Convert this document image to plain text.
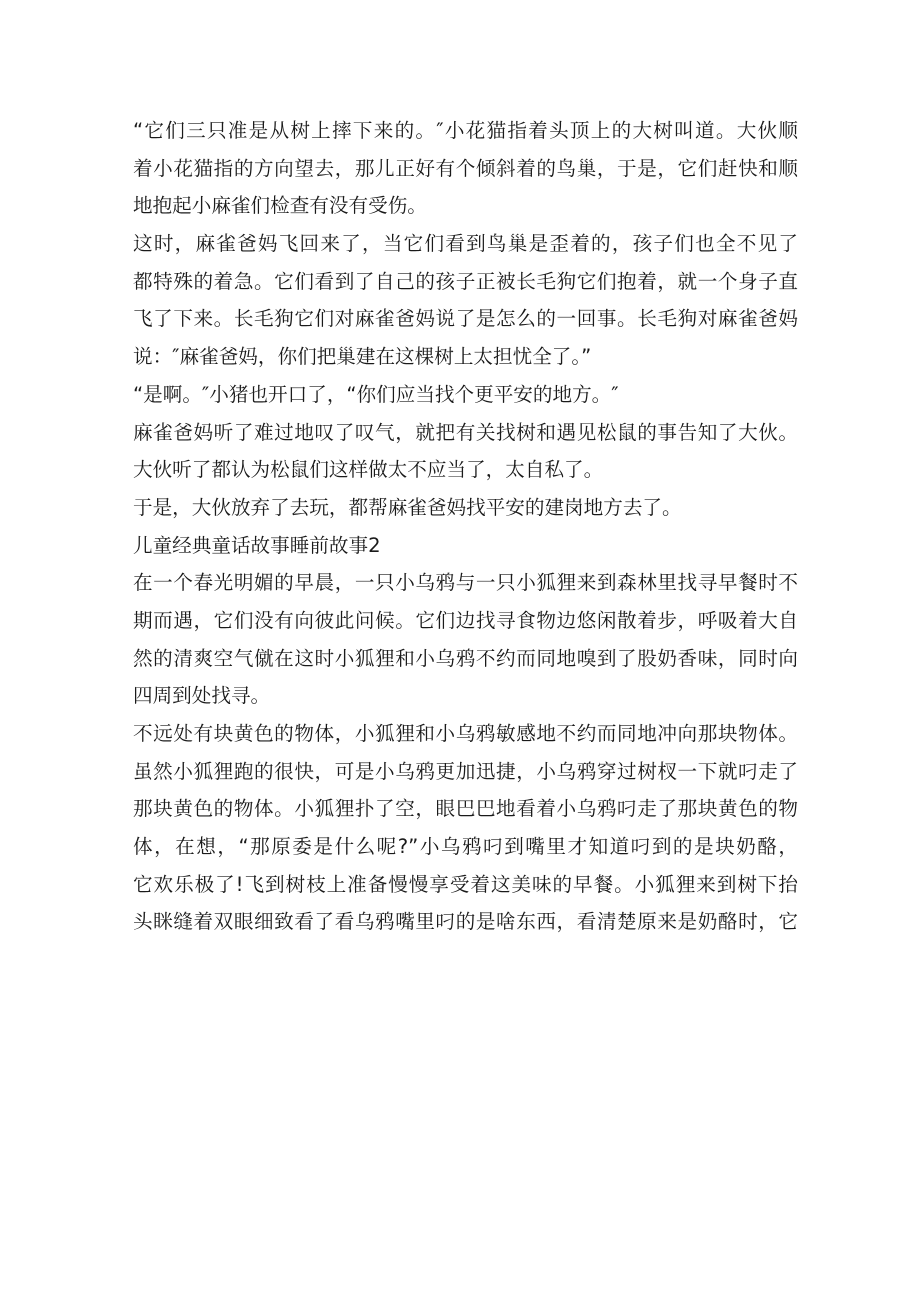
“它们三只准是从树上摔下来的。″小花猫指着头顶上的大树叫道。大伙顺
着小花猫指的方向望去，那儿正好有个倾斜着的鸟巢，于是，它们赶快和顺
地抱起小麻雀们检查有没有受伤。
这时，麻雀爸妈飞回来了，当它们看到鸟巢是歪着的，孩子们也全不见了
都特殊的着急。它们看到了自己的孩子正被长毛狗它们抱着，就一个身子直
飞了下来。长毛狗它们对麻雀爸妈说了是怎么的一回事。长毛狗对麻雀爸妈
说：″麻雀爸妈，你们把巢建在这棵树上太担忧全了。”
“是啊。″小猪也开口了，“你们应当找个更平安的地方。″
麻雀爸妈听了难过地叹了叹气，就把有关找树和遇见松鼠的事告知了大伙。
大伙听了都认为松鼠们这样做太不应当了，太自私了。
于是，大伙放弃了去玩，都帮麻雀爸妈找平安的建岗地方去了。
儿童经典童话故事睡前故事2
在一个春光明媚的早晨，一只小乌鸦与一只小狐狸来到森林里找寻早餐时不
期而遇，它们没有向彼此问候。它们边找寻食物边悠闲散着步，呼吸着大自
然的清爽空气僦在这时小狐狸和小乌鸦不约而同地嗅到了股奶香味，同时向
四周到处找寻。
不远处有块黄色的物体，小狐狸和小乌鸦敏感地不约而同地冲向那块物体。
虽然小狐狸跑的很快，可是小乌鸦更加迅捷，小乌鸦穿过树杈一下就叼走了
那块黄色的物体。小狐狸扑了空，眼巴巴地看着小乌鸦叼走了那块黄色的物
体，在想，“那原委是什么呢?”小乌鸦叼到嘴里才知道叼到的是块奶酪，
它欢乐极了!飞到树枝上准备慢慢享受着这美味的早餐。小狐狸来到树下抬
头眯缝着双眼细致看了看乌鸦嘴里叼的是啥东西，看清楚原来是奶酪时，它
